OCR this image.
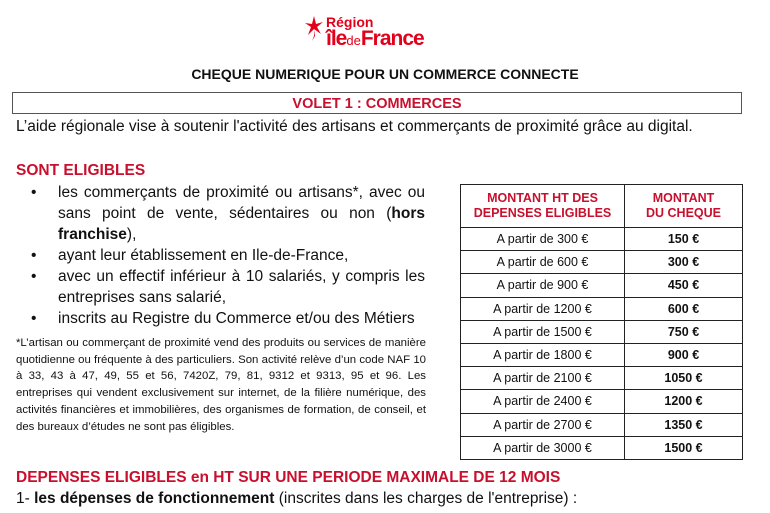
Région
îledeFrance
CHEQUE NUMERIQUE POUR UN COMMERCE CONNECTE
VOLET 1 : COMMERCES
L’aide régionale vise à soutenir l'activité des artisans et commerçants de proximité grâce au digital.
SONT ELIGIBLES
• les commerçants de proximité ou artisans*, avec ou sans point de vente, sédentaires ou non (hors franchise),
• ayant leur établissement en Ile-de-France,
• avec un effectif inférieur à 10 salariés, y compris les entreprises sans salarié,
• inscrits au Registre du Commerce et/ou des Métiers
*L’artisan ou commerçant de proximité vend des produits ou services de manière quotidienne ou fréquente à des particuliers. Son activité relève d’un code NAF 10 à 33, 43 à 47, 49, 55 et 56, 7420Z, 79, 81, 9312 et 9313, 95 et 96. Les entreprises qui vendent exclusivement sur internet, de la filière numérique, des activités financières et immobilières, des organismes de formation, de conseil, et des bureaux d’études ne sont pas éligibles.
MONTANT HT DES
DEPENSES ELIGIBLES	MONTANT
DU CHEQUE
A partir de 300 €	150 €
A partir de 600 €	300 €
A partir de 900 €	450 €
A partir de 1200 €	600 €
A partir de 1500 €	750 €
A partir de 1800 €	900 €
A partir de 2100 €	1050 €
A partir de 2400 €	1200 €
A partir de 2700 €	1350 €
A partir de 3000 €	1500 €
DEPENSES ELIGIBLES en HT SUR UNE PERIODE MAXIMALE DE 12 MOIS
1- les dépenses de fonctionnement (inscrites dans les charges de l'entreprise) :
